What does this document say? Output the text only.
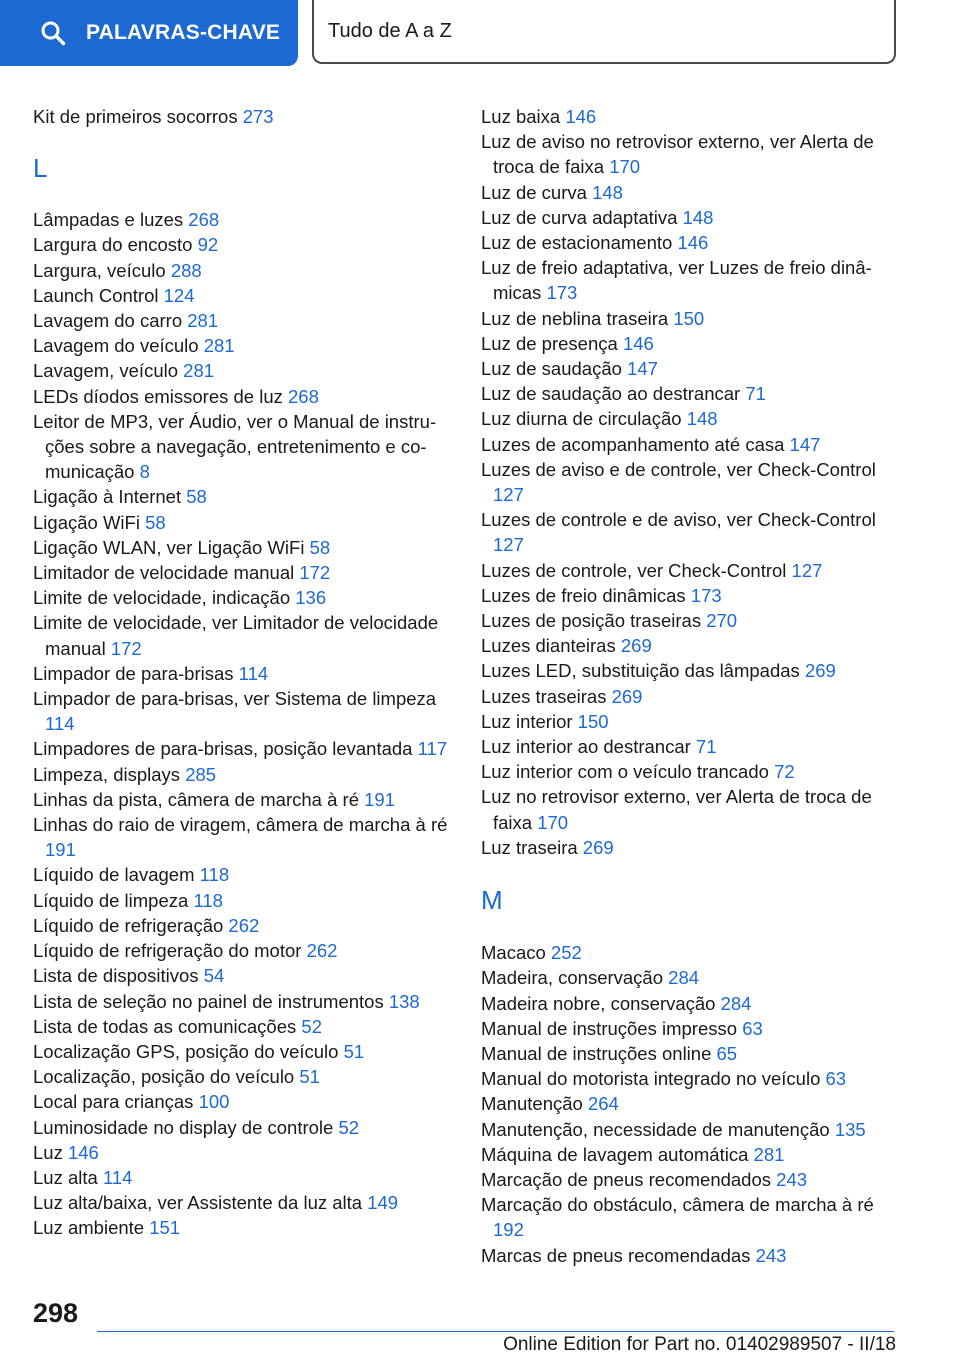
PALAVRAS-CHAVE Tudo de A a Z
Kit de primeiros socorros 273
L
Lâmpadas e luzes 268
Largura do encosto 92
Largura, veículo 288
Launch Control 124
Lavagem do carro 281
Lavagem do veículo 281
Lavagem, veículo 281
LEDs díodos emissores de luz 268
Leitor de MP3, ver Áudio, ver o Manual de instruções sobre a navegação, entretenimento e comunicação 8
Ligação à Internet 58
Ligação WiFi 58
Ligação WLAN, ver Ligação WiFi 58
Limitador de velocidade manual 172
Limite de velocidade, indicação 136
Limite de velocidade, ver Limitador de velocidade manual 172
Limpador de para-brisas 114
Limpador de para-brisas, ver Sistema de limpeza 114
Limpadores de para-brisas, posição levantada 117
Limpeza, displays 285
Linhas da pista, câmera de marcha à ré 191
Linhas do raio de viragem, câmera de marcha à ré 191
Líquido de lavagem 118
Líquido de limpeza 118
Líquido de refrigeração 262
Líquido de refrigeração do motor 262
Lista de dispositivos 54
Lista de seleção no painel de instrumentos 138
Lista de todas as comunicações 52
Localização GPS, posição do veículo 51
Localização, posição do veículo 51
Local para crianças 100
Luminosidade no display de controle 52
Luz 146
Luz alta 114
Luz alta/baixa, ver Assistente da luz alta 149
Luz ambiente 151
Luz baixa 146
Luz de aviso no retrovisor externo, ver Alerta de troca de faixa 170
Luz de curva 148
Luz de curva adaptativa 148
Luz de estacionamento 146
Luz de freio adaptativa, ver Luzes de freio dinâmicas 173
Luz de neblina traseira 150
Luz de presença 146
Luz de saudação 147
Luz de saudação ao destrancar 71
Luz diurna de circulação 148
Luzes de acompanhamento até casa 147
Luzes de aviso e de controle, ver Check-Control 127
Luzes de controle e de aviso, ver Check-Control 127
Luzes de controle, ver Check-Control 127
Luzes de freio dinâmicas 173
Luzes de posição traseiras 270
Luzes dianteiras 269
Luzes LED, substituição das lâmpadas 269
Luzes traseiras 269
Luz interior 150
Luz interior ao destrancar 71
Luz interior com o veículo trancado 72
Luz no retrovisor externo, ver Alerta de troca de faixa 170
Luz traseira 269
M
Macaco 252
Madeira, conservação 284
Madeira nobre, conservação 284
Manual de instruções impresso 63
Manual de instruções online 65
Manual do motorista integrado no veículo 63
Manutenção 264
Manutenção, necessidade de manutenção 135
Máquina de lavagem automática 281
Marcação de pneus recomendados 243
Marcação do obstáculo, câmera de marcha à ré 192
Marcas de pneus recomendadas 243
298
Online Edition for Part no. 01402989507 - II/18
